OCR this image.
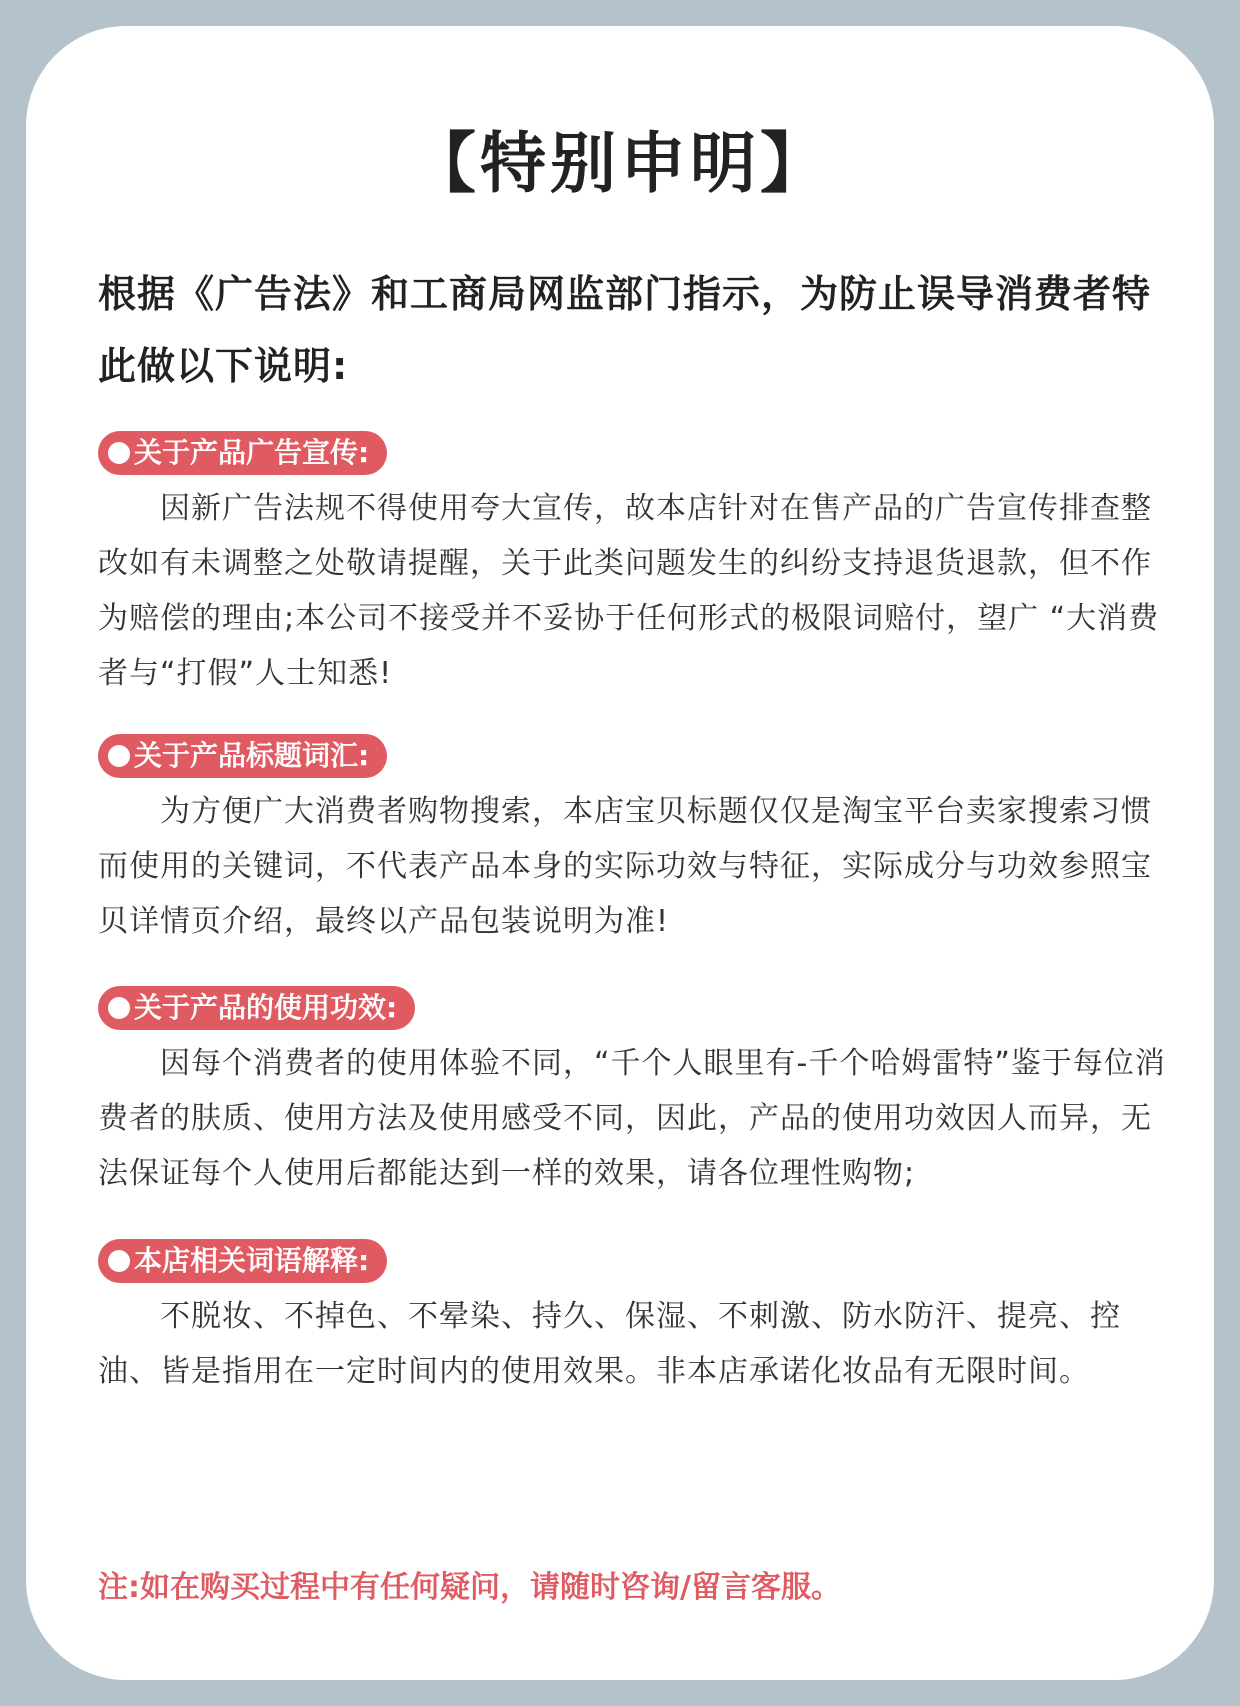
【特别申明】
根据《广告法》和工商局网监部门指示，为防止误导消费者特此做以下说明:
关于产品广告宣传:
因新广告法规不得使用夸大宣传，故本店针对在售产品的广告宣传排查整改如有未调整之处敬请提醒，关于此类问题发生的纠纷支持退货退款，但不作为赔偿的理由;本公司不接受并不妥协于任何形式的极限词赔付，望广 “大消费者与“打假”人士知悉!
关于产品标题词汇:
为方便广大消费者购物搜索，本店宝贝标题仅仅是淘宝平台卖家搜索习惯而使用的关键词，不代表产品本身的实际功效与特征，实际成分与功效参照宝贝详情页介绍，最终以产品包装说明为准!
关于产品的使用功效:
因每个消费者的使用体验不同，“千个人眼里有-千个哈姆雷特”鉴于每位消费者的肤质、使用方法及使用感受不同，因此，产品的使用功效因人而异，无法保证每个人使用后都能达到一样的效果，请各位理性购物;
本店相关词语解释:
不脱妆、不掉色、不晕染、持久、保湿、不刺激、防水防汗、提亮、控油、皆是指用在一定时间内的使用效果。非本店承诺化妆品有无限时间。
注:如在购买过程中有任何疑问，请随时咨询/留言客服。
